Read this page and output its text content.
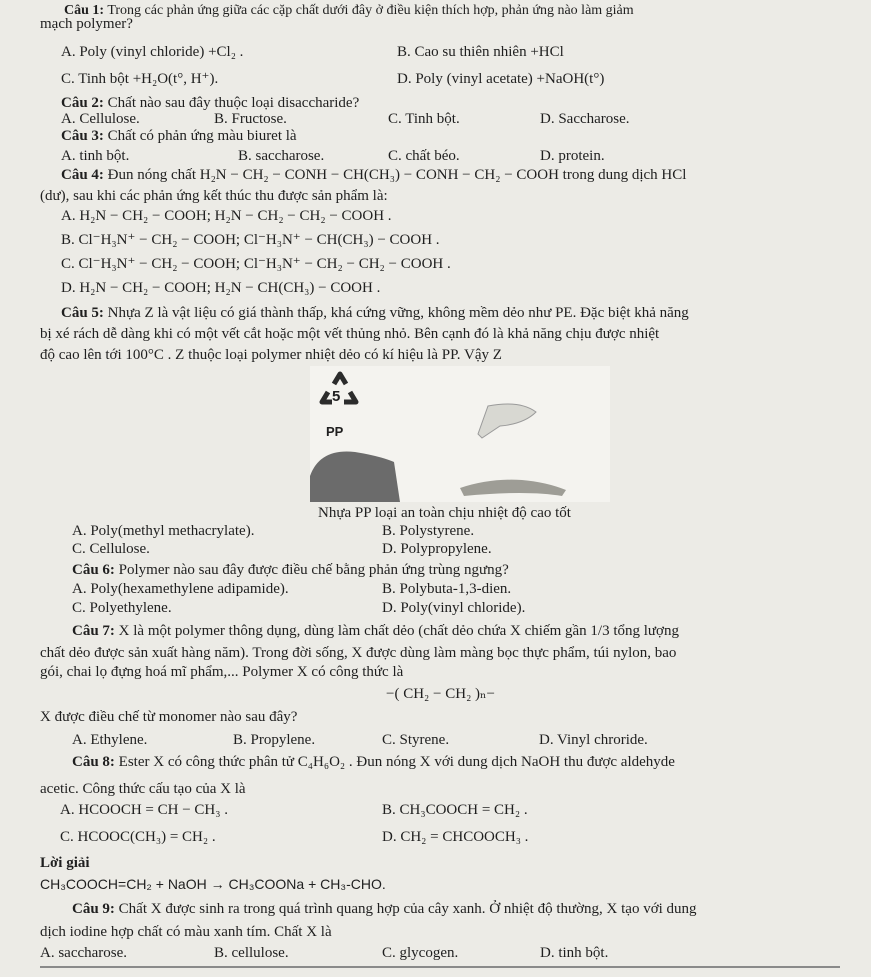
Câu 1: Trong các phản ứng giữa các cặp chất dưới đây ở điều kiện thích hợp, phản ứng nào làm giảm
mạch polymer?
A. Poly (vinyl chloride) +Cl₂ .	B. Cao su thiên nhiên +HCl
C. Tinh bột +H₂O(t°, H⁺).	D. Poly (vinyl acetate) +NaOH(t°)
Câu 2: Chất nào sau đây thuộc loại disaccharide?
A. Cellulose.	B. Fructose.	C. Tinh bột.	D. Saccharose.
Câu 3: Chất có phản ứng màu biuret là
A. tinh bột.	B. saccharose.	C. chất béo.	D. protein.
Câu 4: Đun nóng chất H₂N − CH₂ − CONH − CH(CH₃) − CONH − CH₂ − COOH trong dung dịch HCl
(dư), sau khi các phản ứng kết thúc thu được sản phẩm là:
A. H₂N − CH₂ − COOH; H₂N − CH₂ − CH₂ − COOH .
B. Cl⁻H₃N⁺ − CH₂ − COOH; Cl⁻H₃N⁺ − CH(CH₃) − COOH .
C. Cl⁻H₃N⁺ − CH₂ − COOH; Cl⁻H₃N⁺ − CH₂ − CH₂ − COOH .
D. H₂N − CH₂ − COOH; H₂N − CH(CH₃) − COOH .
Câu 5: Nhựa Z là vật liệu có giá thành thấp, khá cứng vững, không mềm dẻo như PE. Đặc biệt khả năng
bị xé rách dễ dàng khi có một vết cắt hoặc một vết thủng nhỏ. Bên cạnh đó là khả năng chịu được nhiệt
độ cao lên tới 100°C . Z thuộc loại polymer nhiệt dẻo có kí hiệu là PP. Vậy Z
5
PP
Nhựa PP loại an toàn chịu nhiệt độ cao tốt
A. Poly(methyl methacrylate).	B. Polystyrene.
C. Cellulose.	D. Polypropylene.
Câu 6: Polymer nào sau đây được điều chế bằng phản ứng trùng ngưng?
A. Poly(hexamethylene adipamide).	B. Polybuta-1,3-dien.
C. Polyethylene.	D. Poly(vinyl chloride).
Câu 7: X là một polymer thông dụng, dùng làm chất dẻo (chất dẻo chứa X chiếm gần 1/3 tổng lượng
chất dẻo được sản xuất hàng năm). Trong đời sống, X được dùng làm màng bọc thực phẩm, túi nylon, bao
gói, chai lọ đựng hoá mĩ phẩm,... Polymer X có công thức là
−( CH₂ − CH₂ )ₙ−
X được điều chế từ monomer nào sau đây?
A. Ethylene.	B. Propylene.	C. Styrene.	D. Vinyl chroride.
Câu 8: Ester X có công thức phân tử C₄H₆O₂ . Đun nóng X với dung dịch NaOH thu được aldehyde
acetic. Công thức cấu tạo của X là
A. HCOOCH = CH − CH₃ .	B. CH₃COOCH = CH₂ .
C. HCOOC(CH₃) = CH₂ .	D. CH₂ = CHCOOCH₃ .
Lời giải
CH₃COOCH=CH₂ + NaOH → CH₃COONa + CH₃-CHO.
Câu 9: Chất X được sinh ra trong quá trình quang hợp của cây xanh. Ở nhiệt độ thường, X tạo với dung
dịch iodine hợp chất có màu xanh tím. Chất X là
A. saccharose.	B. cellulose.	C. glycogen.	D. tinh bột.
